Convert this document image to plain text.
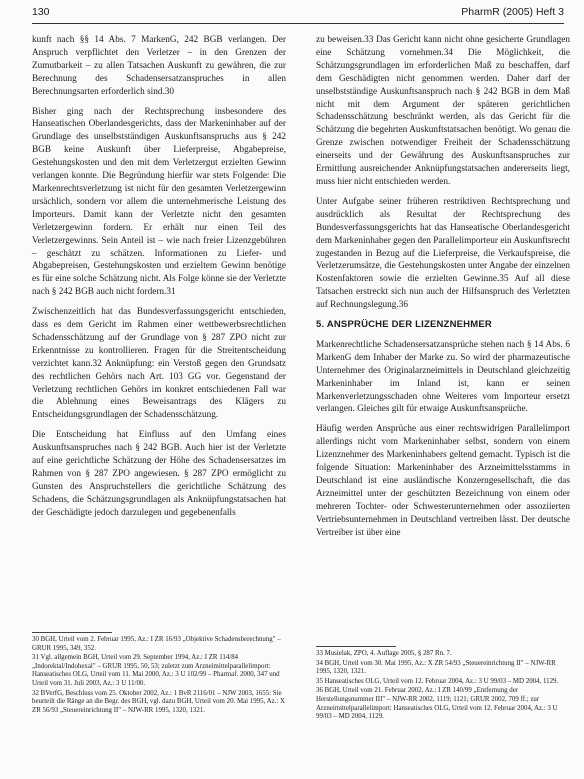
130	PharmR (2005) Heft 3

kunft nach §§ 14 Abs. 7 MarkenG, 242 BGB verlangen. Der Anspruch verpflichtet den Verletzer – in den Grenzen der Zumutbarkeit – zu allen Tatsachen Auskunft zu gewähren, die zur Berechnung des Schadensersatzanspruches in allen Berechnungsarten erforderlich sind.30

Bisher ging nach der Rechtsprechung insbesondere des Hanseatischen Oberlandesgerichts, dass der Markeninhaber auf der Grundlage des unselbstständigen Auskunftsanspruchs aus § 242 BGB keine Auskunft über Lieferpreise, Abgabepreise, Gestehungskosten und den mit dem Verletzergut erzielten Gewinn verlangen konnte. Die Begründung hierfür war stets Folgende: Die Markenrechtsverletzung ist nicht für den gesamten Verletzergewinn ursächlich, sondern vor allem die unternehmerische Leistung des Importeurs. Damit kann der Verletzte nicht den gesamten Verletzergewinn fordern. Er erhält nur einen Teil des Verletzergewinns. Sein Anteil ist – wie nach freier Lizenzgebühren – geschätzt zu schätzen. Informationen zu Liefer- und Abgabepreisen, Gestehungskosten und erzieltem Gewinn benötige es für eine solche Schätzung nicht. Als Folge könne sie der Verletzte nach § 242 BGB auch nicht fordern.31

Zwischenzeitlich hat das Bundesverfassungsgericht entschieden, dass es dem Gericht im Rahmen einer wettbewerbsrechtlichen Schadensschätzung auf der Grundlage von § 287 ZPO nicht zur Erkenntnisse zu kontrollieren. Fragen für die Streitentscheidung verzichtet kann.32 Anknüpfung: ein Verstoß gegen den Grundsatz des rechtlichen Gehörs nach Art. 103 GG vor. Gegenstand der Verletzung rechtlichen Gehörs im konkret entschiedenen Fall war die Ablehnung eines Beweisantrags des Klägers zu Entscheidungsgrundlagen der Schadensschätzung.

Die Entscheidung hat Einfluss auf den Umfang eines Auskunftsanspruches nach § 242 BGB. Auch hier ist der Verletzte auf eine gerichtliche Schätzung der Höhe des Schadensersatzes im Rahmen von § 287 ZPO angewiesen. § 287 ZPO ermöglicht zu Gunsten des Anspruchstellers die gerichtliche Schätzung des Schadens, die Schätzungsgrundlagen als Anknüpfungstatsachen hat der Geschädigte jedoch darzulegen und gegebenenfalls

zu beweisen.33 Das Gericht kann nicht ohne gesicherte Grundlagen eine Schätzung vornehmen.34 Die Möglichkeit, die Schätzungsgrundlagen im erforderlichen Maß zu beschaffen, darf dem Geschädigten nicht genommen werden. Daher darf der unselbstständige Auskunftsanspruch nach § 242 BGB in dem Maß nicht mit dem Argument der späteren gerichtlichen Schadensschätzung beschränkt werden, als das Gericht für die Schätzung die begehrten Auskunftstatsachen benötigt. Wo genau die Grenze zwischen notwendiger Freiheit der Schadensschätzung einerseits und der Gewährung des Auskunftsanspruches zur Ermittlung ausreichender Anknüpfungstatsachen andererseits liegt, muss hier nicht entschieden werden.

Unter Aufgabe seiner früheren restriktiven Rechtsprechung und ausdrücklich als Resultat der Rechtsprechung des Bundesverfassungsgerichts hat das Hanseatische Oberlandesgericht dem Markeninhaber gegen den Parallelimporteur ein Auskunftsrecht zugestanden in Bezug auf die Lieferpreise, die Verkaufspreise, die Verletzerumsätze, die Gestehungskosten unter Angabe der einzelnen Kostenfaktoren sowie die erzielten Gewinne.35 Auf all diese Tatsachen erstreckt sich nun auch der Hilfsanspruch des Verletzten auf Rechnungslegung.36

5. ANSPRÜCHE DER LIZENZNEHMER

Markenrechtliche Schadensersatzansprüche stehen nach § 14 Abs. 6 MarkenG dem Inhaber der Marke zu. So wird der pharmazeutische Unternehmer des Originalarzneimittels in Deutschland gleichzeitig Markeninhaber im Inland ist, kann er seinen Markenverletzungsschaden ohne Weiteres vom Importeur ersetzt verlangen. Gleiches gilt für etwaige Auskunftsansprüche.

Häufig werden Ansprüche aus einer rechtswidrigen Parallelimport allerdings nicht vom Markeninhaber selbst, sondern von einem Lizenznehmer des Markeninhabers geltend gemacht. Typisch ist die folgende Situation: Markeninhaber des Arzneimittelsstamms in Deutschland ist eine ausländische Konzerngesellschaft, die das Arzneimittel unter der geschützten Bezeichnung von einem oder mehreren Tochter- oder Schwesterunternehmen oder assoziierten Vertriebsunternehmen in Deutschland vertreiben lässt. Der deutsche Vertreiber ist über eine

30 BGH, Urteil vom 2. Februar 1995, Az.: I ZR 16/93 „Objektive Schadensberechnung" – GRUR 1995, 349, 352.

31 Vgl. allgemein BGH, Urteil vom 29. September 1994, Az.: I ZR 114/84 „Indorektal/Indohexal" – GRUR 1995, 50, 53; zuletzt zum Arzneimittelparallelimport: Hanseatisches OLG, Urteil vom 11. Mai 2000, Az.: 3 U 102/99 – Pharmaf. 2000, 347 und Urteil vom 31. Juli 2003, Az.: 3 U 11/00.

32 BVerfG, Beschluss vom 25. Oktober 2002, Az.: 1 BvR 2116/01 – NJW 2003, 1655: Sie beurteilt die Ränge an die Begr. des BGH, vgl. dazu BGH, Urteil vom 20. Mai 1995, Az.: X ZR 56/93 „Steuereinrichtung II" – NJW-RR 1995, 1320, 1321.

33 Musielak, ZPO, 4. Auflage 2005, § 287 Rn. 7.

34 BGH, Urteil vom 30. Mai 1995, Az.: X ZR 54/93 „Steuereinrichtung II" – NJW-RR 1995, 1320, 1321.

35 Hanseatisches OLG, Urteil vom 12. Februar 2004, Az.: 3 U 99/03 – MD 2004, 1129.

36 BGH, Urteil vom 21. Februar 2002, Az.: I ZR 140/99 „Entfernung der Herstellungsnummer III" – NJW-RR 2002, 1119; 1121; GRUR 2002, 709 ff.; zur Arzneimittelparallelimport: Hanseatisches OLG, Urteil vom 12. Februar 2004, Az.: 3 U 99/03 – MD 2004, 1129.
